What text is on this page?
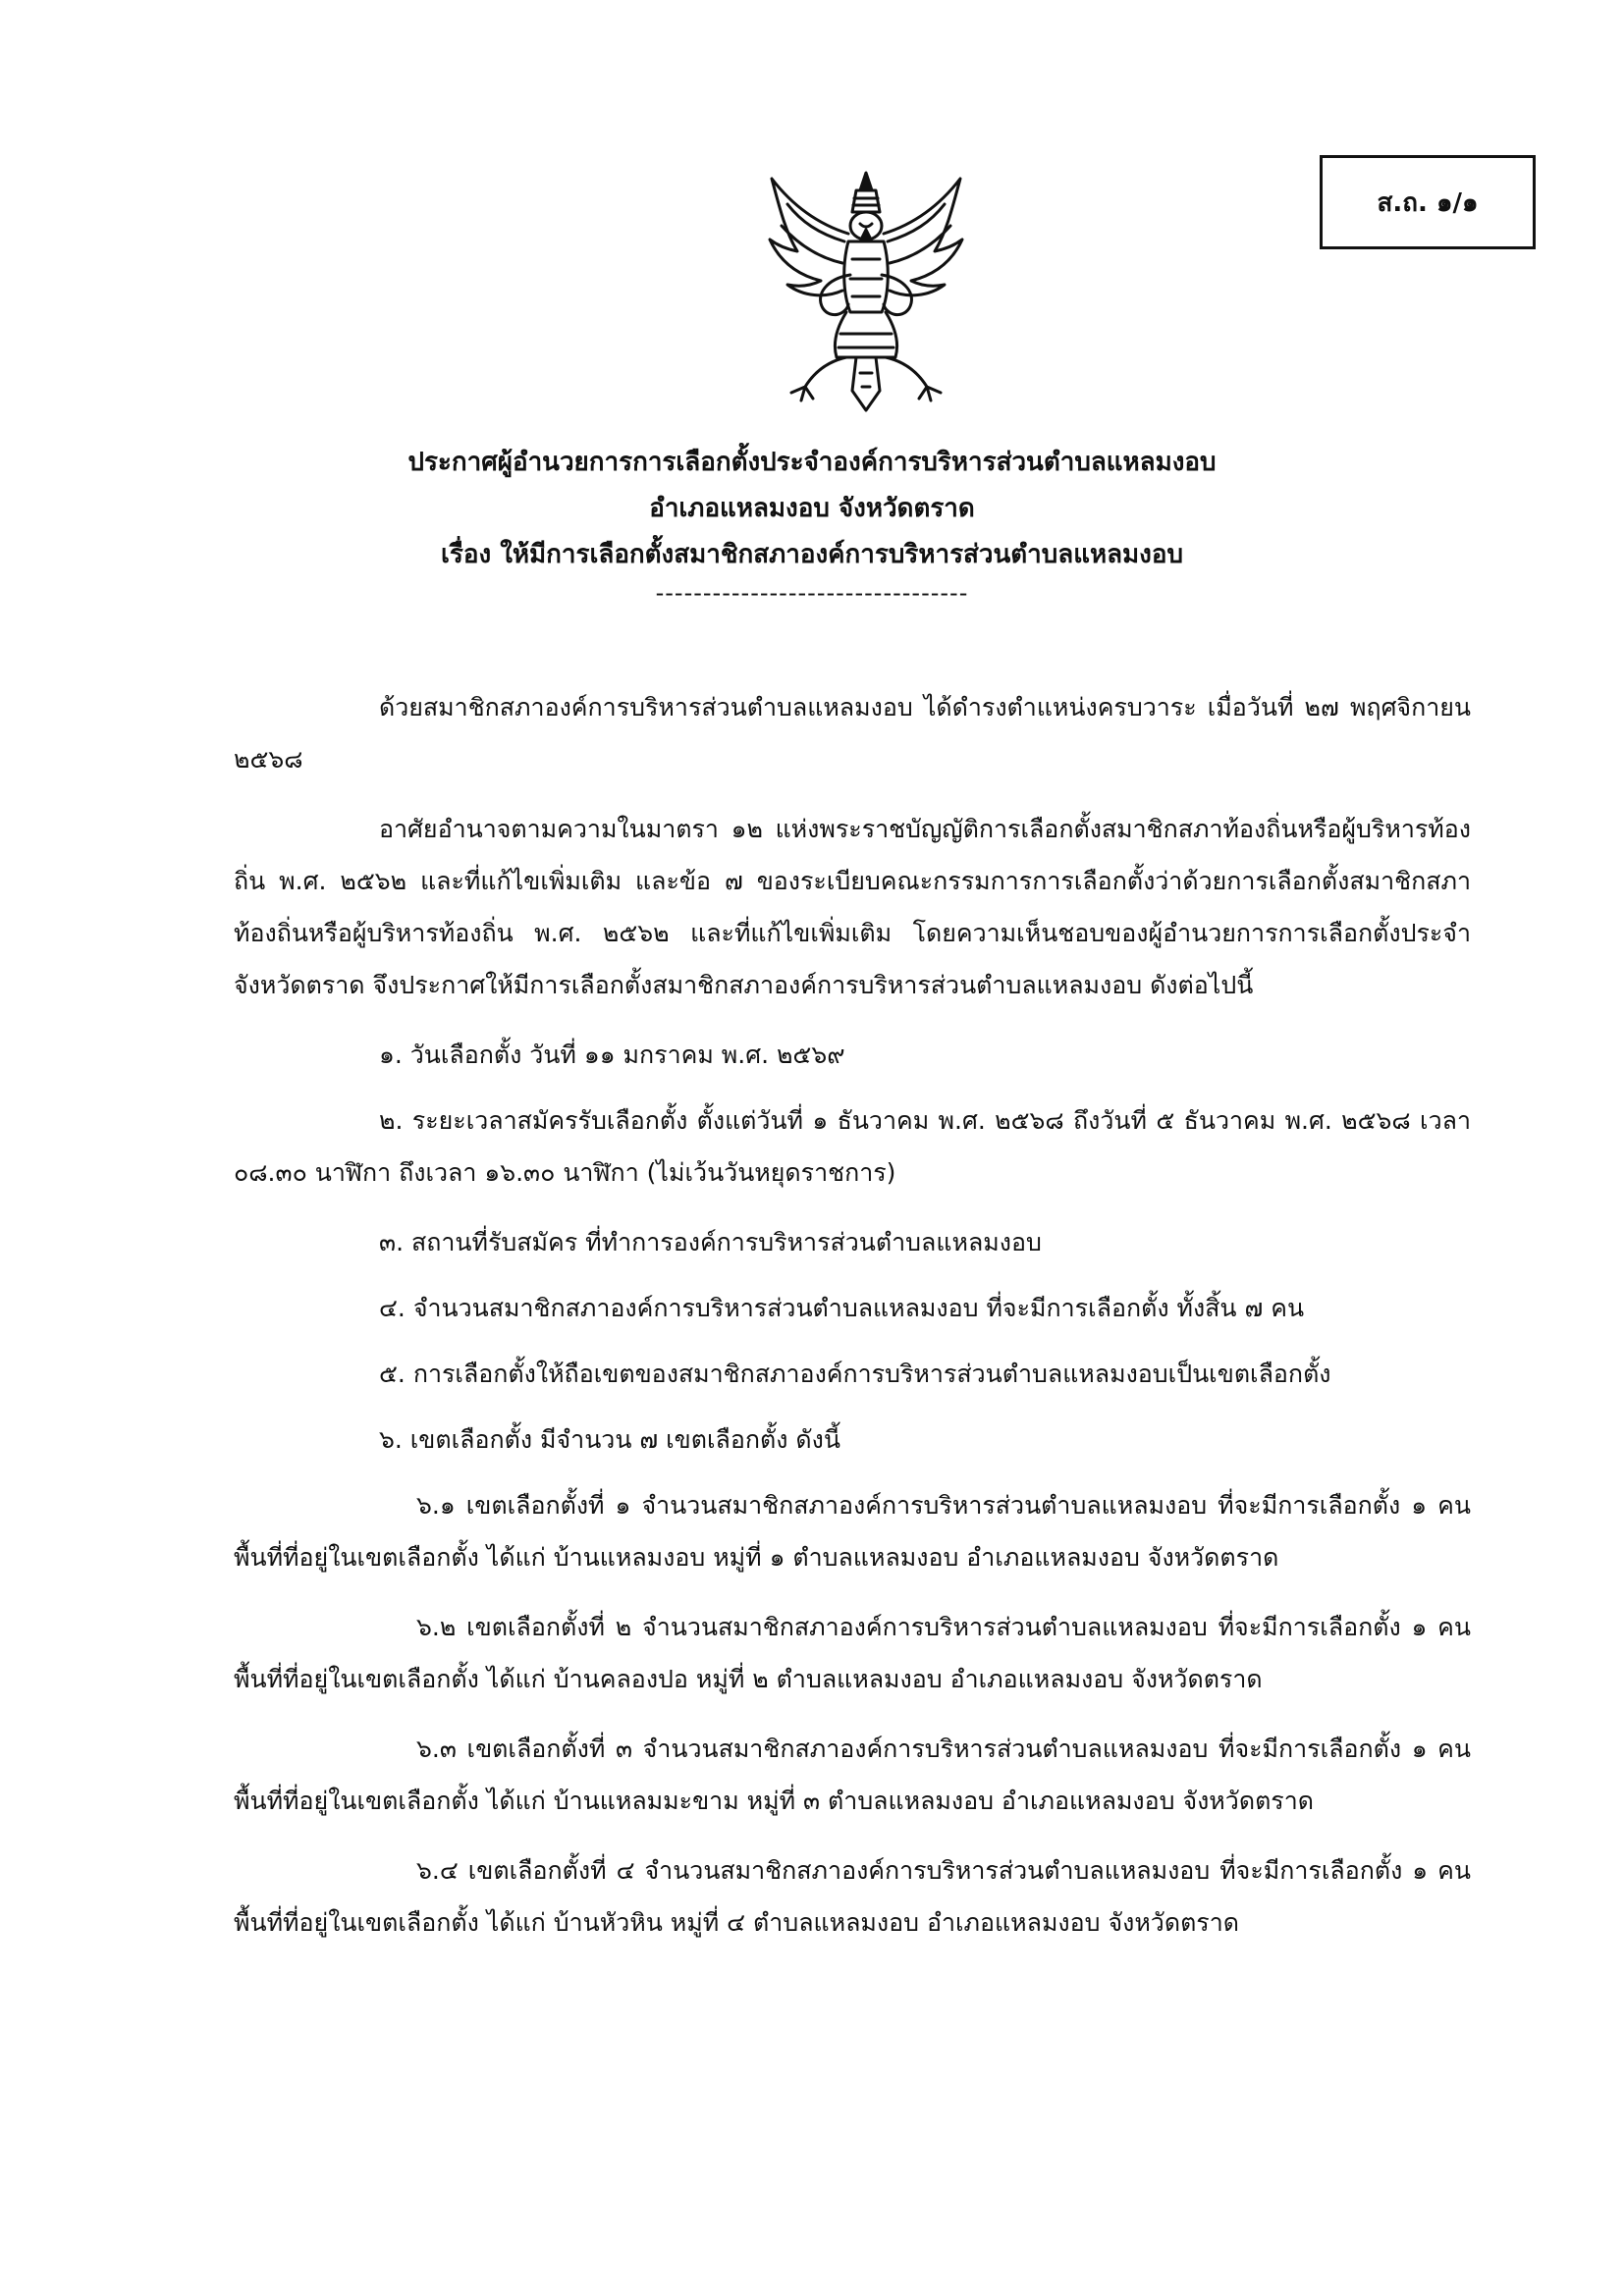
ส.ถ. ๑/๑
ประกาศผู้อำนวยการการเลือกตั้งประจำองค์การบริหารส่วนตำบลแหลมงอบ
อำเภอแหลมงอบ จังหวัดตราด
เรื่อง ให้มีการเลือกตั้งสมาชิกสภาองค์การบริหารส่วนตำบลแหลมงอบ
---------------------------------

ด้วยสมาชิกสภาองค์การบริหารส่วนตำบลแหลมงอบ ได้ดำรงตำแหน่งครบวาระ เมื่อวันที่ ๒๗ พฤศจิกายน ๒๕๖๘

อาศัยอำนาจตามความในมาตรา ๑๒ แห่งพระราชบัญญัติการเลือกตั้งสมาชิกสภาท้องถิ่นหรือผู้บริหารท้องถิ่น พ.ศ. ๒๕๖๒ และที่แก้ไขเพิ่มเติม และข้อ ๗ ของระเบียบคณะกรรมการการเลือกตั้งว่าด้วยการเลือกตั้งสมาชิกสภาท้องถิ่นหรือผู้บริหารท้องถิ่น พ.ศ. ๒๕๖๒ และที่แก้ไขเพิ่มเติม โดยความเห็นชอบของผู้อำนวยการการเลือกตั้งประจำจังหวัดตราด จึงประกาศให้มีการเลือกตั้งสมาชิกสภาองค์การบริหารส่วนตำบลแหลมงอบ ดังต่อไปนี้

๑. วันเลือกตั้ง วันที่ ๑๑ มกราคม พ.ศ. ๒๕๖๙

๒. ระยะเวลาสมัครรับเลือกตั้ง ตั้งแต่วันที่ ๑ ธันวาคม พ.ศ. ๒๕๖๘ ถึงวันที่ ๕ ธันวาคม พ.ศ. ๒๕๖๘ เวลา ๐๘.๓๐ นาฬิกา ถึงเวลา ๑๖.๓๐ นาฬิกา (ไม่เว้นวันหยุดราชการ)

๓. สถานที่รับสมัคร ที่ทำการองค์การบริหารส่วนตำบลแหลมงอบ

๔. จำนวนสมาชิกสภาองค์การบริหารส่วนตำบลแหลมงอบ ที่จะมีการเลือกตั้ง ทั้งสิ้น ๗ คน

๕. การเลือกตั้งให้ถือเขตของสมาชิกสภาองค์การบริหารส่วนตำบลแหลมงอบเป็นเขตเลือกตั้ง

๖. เขตเลือกตั้ง มีจำนวน ๗ เขตเลือกตั้ง ดังนี้

๖.๑ เขตเลือกตั้งที่ ๑ จำนวนสมาชิกสภาองค์การบริหารส่วนตำบลแหลมงอบ ที่จะมีการเลือกตั้ง ๑ คน พื้นที่ที่อยู่ในเขตเลือกตั้ง ได้แก่ บ้านแหลมงอบ หมู่ที่ ๑ ตำบลแหลมงอบ อำเภอแหลมงอบ จังหวัดตราด

๖.๒ เขตเลือกตั้งที่ ๒ จำนวนสมาชิกสภาองค์การบริหารส่วนตำบลแหลมงอบ ที่จะมีการเลือกตั้ง ๑ คน พื้นที่ที่อยู่ในเขตเลือกตั้ง ได้แก่ บ้านคลองปอ หมู่ที่ ๒ ตำบลแหลมงอบ อำเภอแหลมงอบ จังหวัดตราด

๖.๓ เขตเลือกตั้งที่ ๓ จำนวนสมาชิกสภาองค์การบริหารส่วนตำบลแหลมงอบ ที่จะมีการเลือกตั้ง ๑ คน พื้นที่ที่อยู่ในเขตเลือกตั้ง ได้แก่ บ้านแหลมมะขาม หมู่ที่ ๓ ตำบลแหลมงอบ อำเภอแหลมงอบ จังหวัดตราด

๖.๔ เขตเลือกตั้งที่ ๔ จำนวนสมาชิกสภาองค์การบริหารส่วนตำบลแหลมงอบ ที่จะมีการเลือกตั้ง ๑ คน พื้นที่ที่อยู่ในเขตเลือกตั้ง ได้แก่ บ้านหัวหิน หมู่ที่ ๔ ตำบลแหลมงอบ อำเภอแหลมงอบ จังหวัดตราด
